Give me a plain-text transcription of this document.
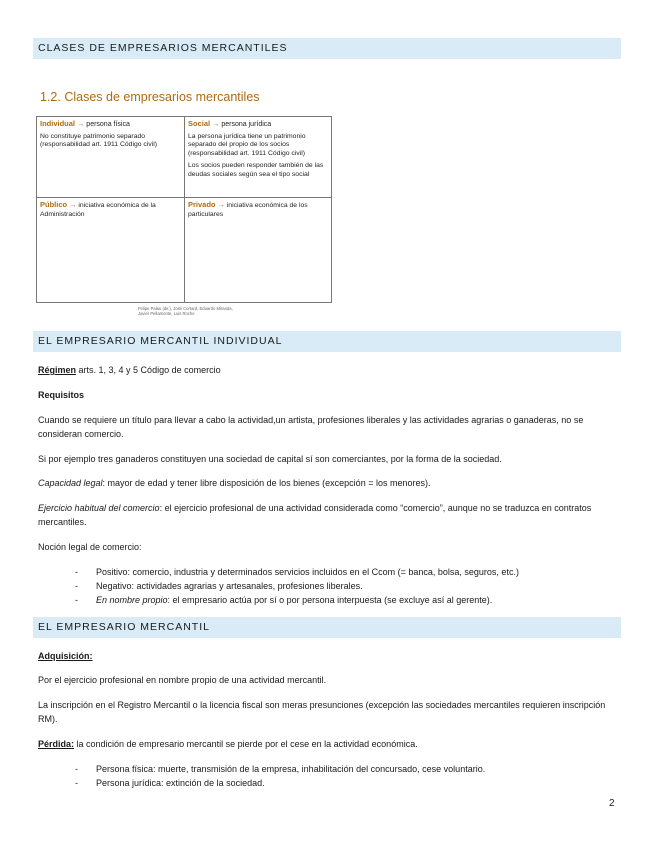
CLASES DE EMPRESARIOS MERCANTILES
1.2. Clases de empresarios mercantiles
Individual → persona física
No constituye patrimonio separado (responsabilidad art. 1911 Código civil)
Social → persona jurídica
La persona jurídica tiene un patrimonio separado del propio de los socios (responsabilidad art. 1911 Código civil)
Los socios pueden responder también de las deudas sociales según sea el tipo social
Público → iniciativa económica de la Administración
Privado → iniciativa económica de los particulares
Felipe Palau (dir.), José Cortard, Eduardo Miranda,
Javier Pellamonte, Luis Roche
EL EMPRESARIO MERCANTIL INDIVIDUAL
Régimen arts. 1, 3, 4 y 5 Código de comercio
Requisitos
Cuando se requiere un título para llevar a cabo la actividad,un artista, profesiones liberales y las actividades agrarias o ganaderas, no se consideran comercio.
Si por ejemplo tres ganaderos constituyen una sociedad de capital sí son comerciantes, por la forma de la sociedad.
Capacidad legal: mayor de edad y tener libre disposición de los bienes (excepción = los menores).
Ejercicio habitual del comercio: el ejercicio profesional de una actividad considerada como “comercio”, aunque no se traduzca en contratos mercantiles.
Noción legal de comercio:
- Positivo: comercio, industria y determinados servicios incluidos en el Ccom (= banca, bolsa, seguros, etc.)
- Negativo: actividades agrarias y artesanales, profesiones liberales.
- En nombre propio: el empresario actúa por sí o por persona interpuesta (se excluye así al gerente).
EL EMPRESARIO MERCANTIL
Adquisición:
Por el ejercicio profesional en nombre propio de una actividad mercantil.
La inscripción en el Registro Mercantil o la licencia fiscal son meras presunciones (excepción las sociedades mercantiles requieren inscripción RM).
Pérdida: la condición de empresario mercantil se pierde por el cese en la actividad económica.
- Persona física: muerte, transmisión de la empresa, inhabilitación del concursado, cese voluntario.
- Persona jurídica: extinción de la sociedad.
2
